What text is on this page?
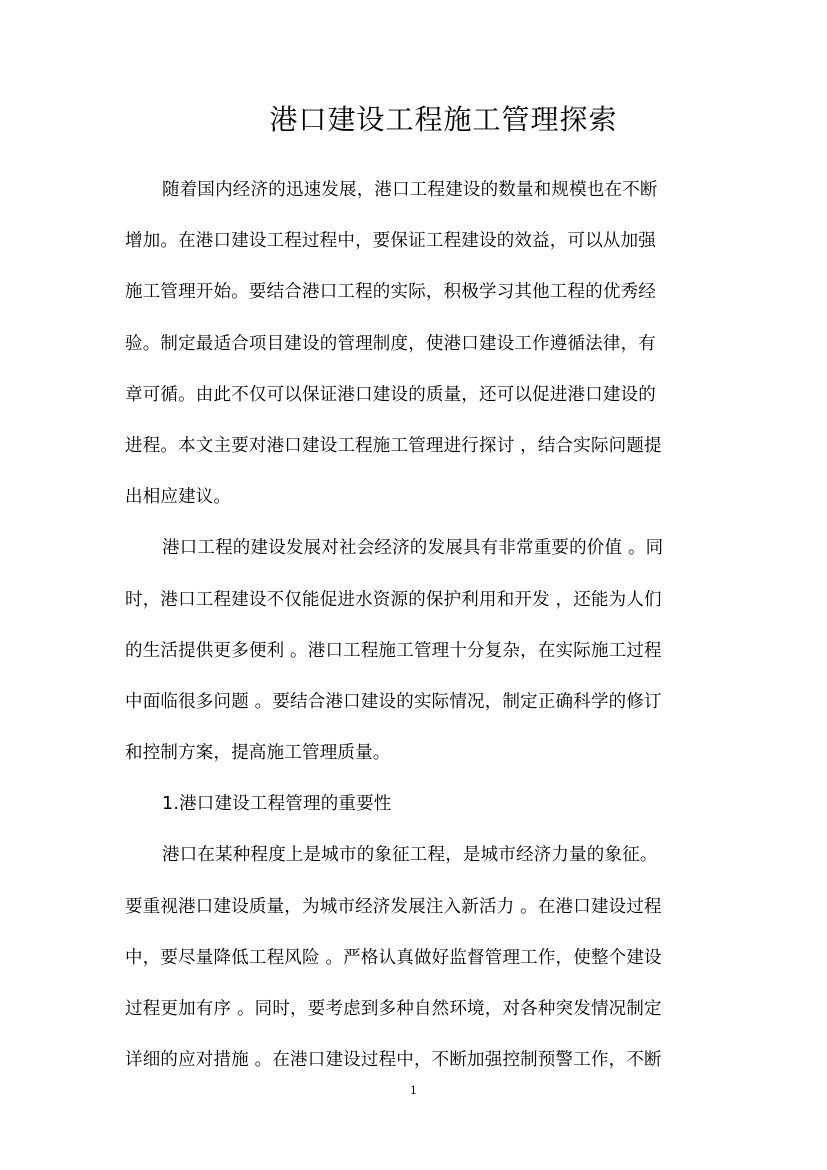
港口建设工程施工管理探索
随着国内经济的迅速发展，港口工程建设的数量和规模也在不断
增加。在港口建设工程过程中，要保证工程建设的效益，可以从加强
施工管理开始。要结合港口工程的实际，积极学习其他工程的优秀经
验。制定最适合项目建设的管理制度，使港口建设工作遵循法律，有
章可循。由此不仅可以保证港口建设的质量，还可以促进港口建设的
进程。本文主要对港口建设工程施工管理进行探讨 ，结合实际问题提
出相应建议。
港口工程的建设发展对社会经济的发展具有非常重要的价值 。同
时，港口工程建设不仅能促进水资源的保护利用和开发 ，还能为人们
的生活提供更多便利 。港口工程施工管理十分复杂，在实际施工过程
中面临很多问题 。要结合港口建设的实际情况，制定正确科学的修订
和控制方案，提高施工管理质量。
1.港口建设工程管理的重要性
港口在某种程度上是城市的象征工程，是城市经济力量的象征。
要重视港口建设质量，为城市经济发展注入新活力 。在港口建设过程
中，要尽量降低工程风险 。严格认真做好监督管理工作，使整个建设
过程更加有序 。同时，要考虑到多种自然环境，对各种突发情况制定
详细的应对措施 。在港口建设过程中，不断加强控制预警工作，不断
1
